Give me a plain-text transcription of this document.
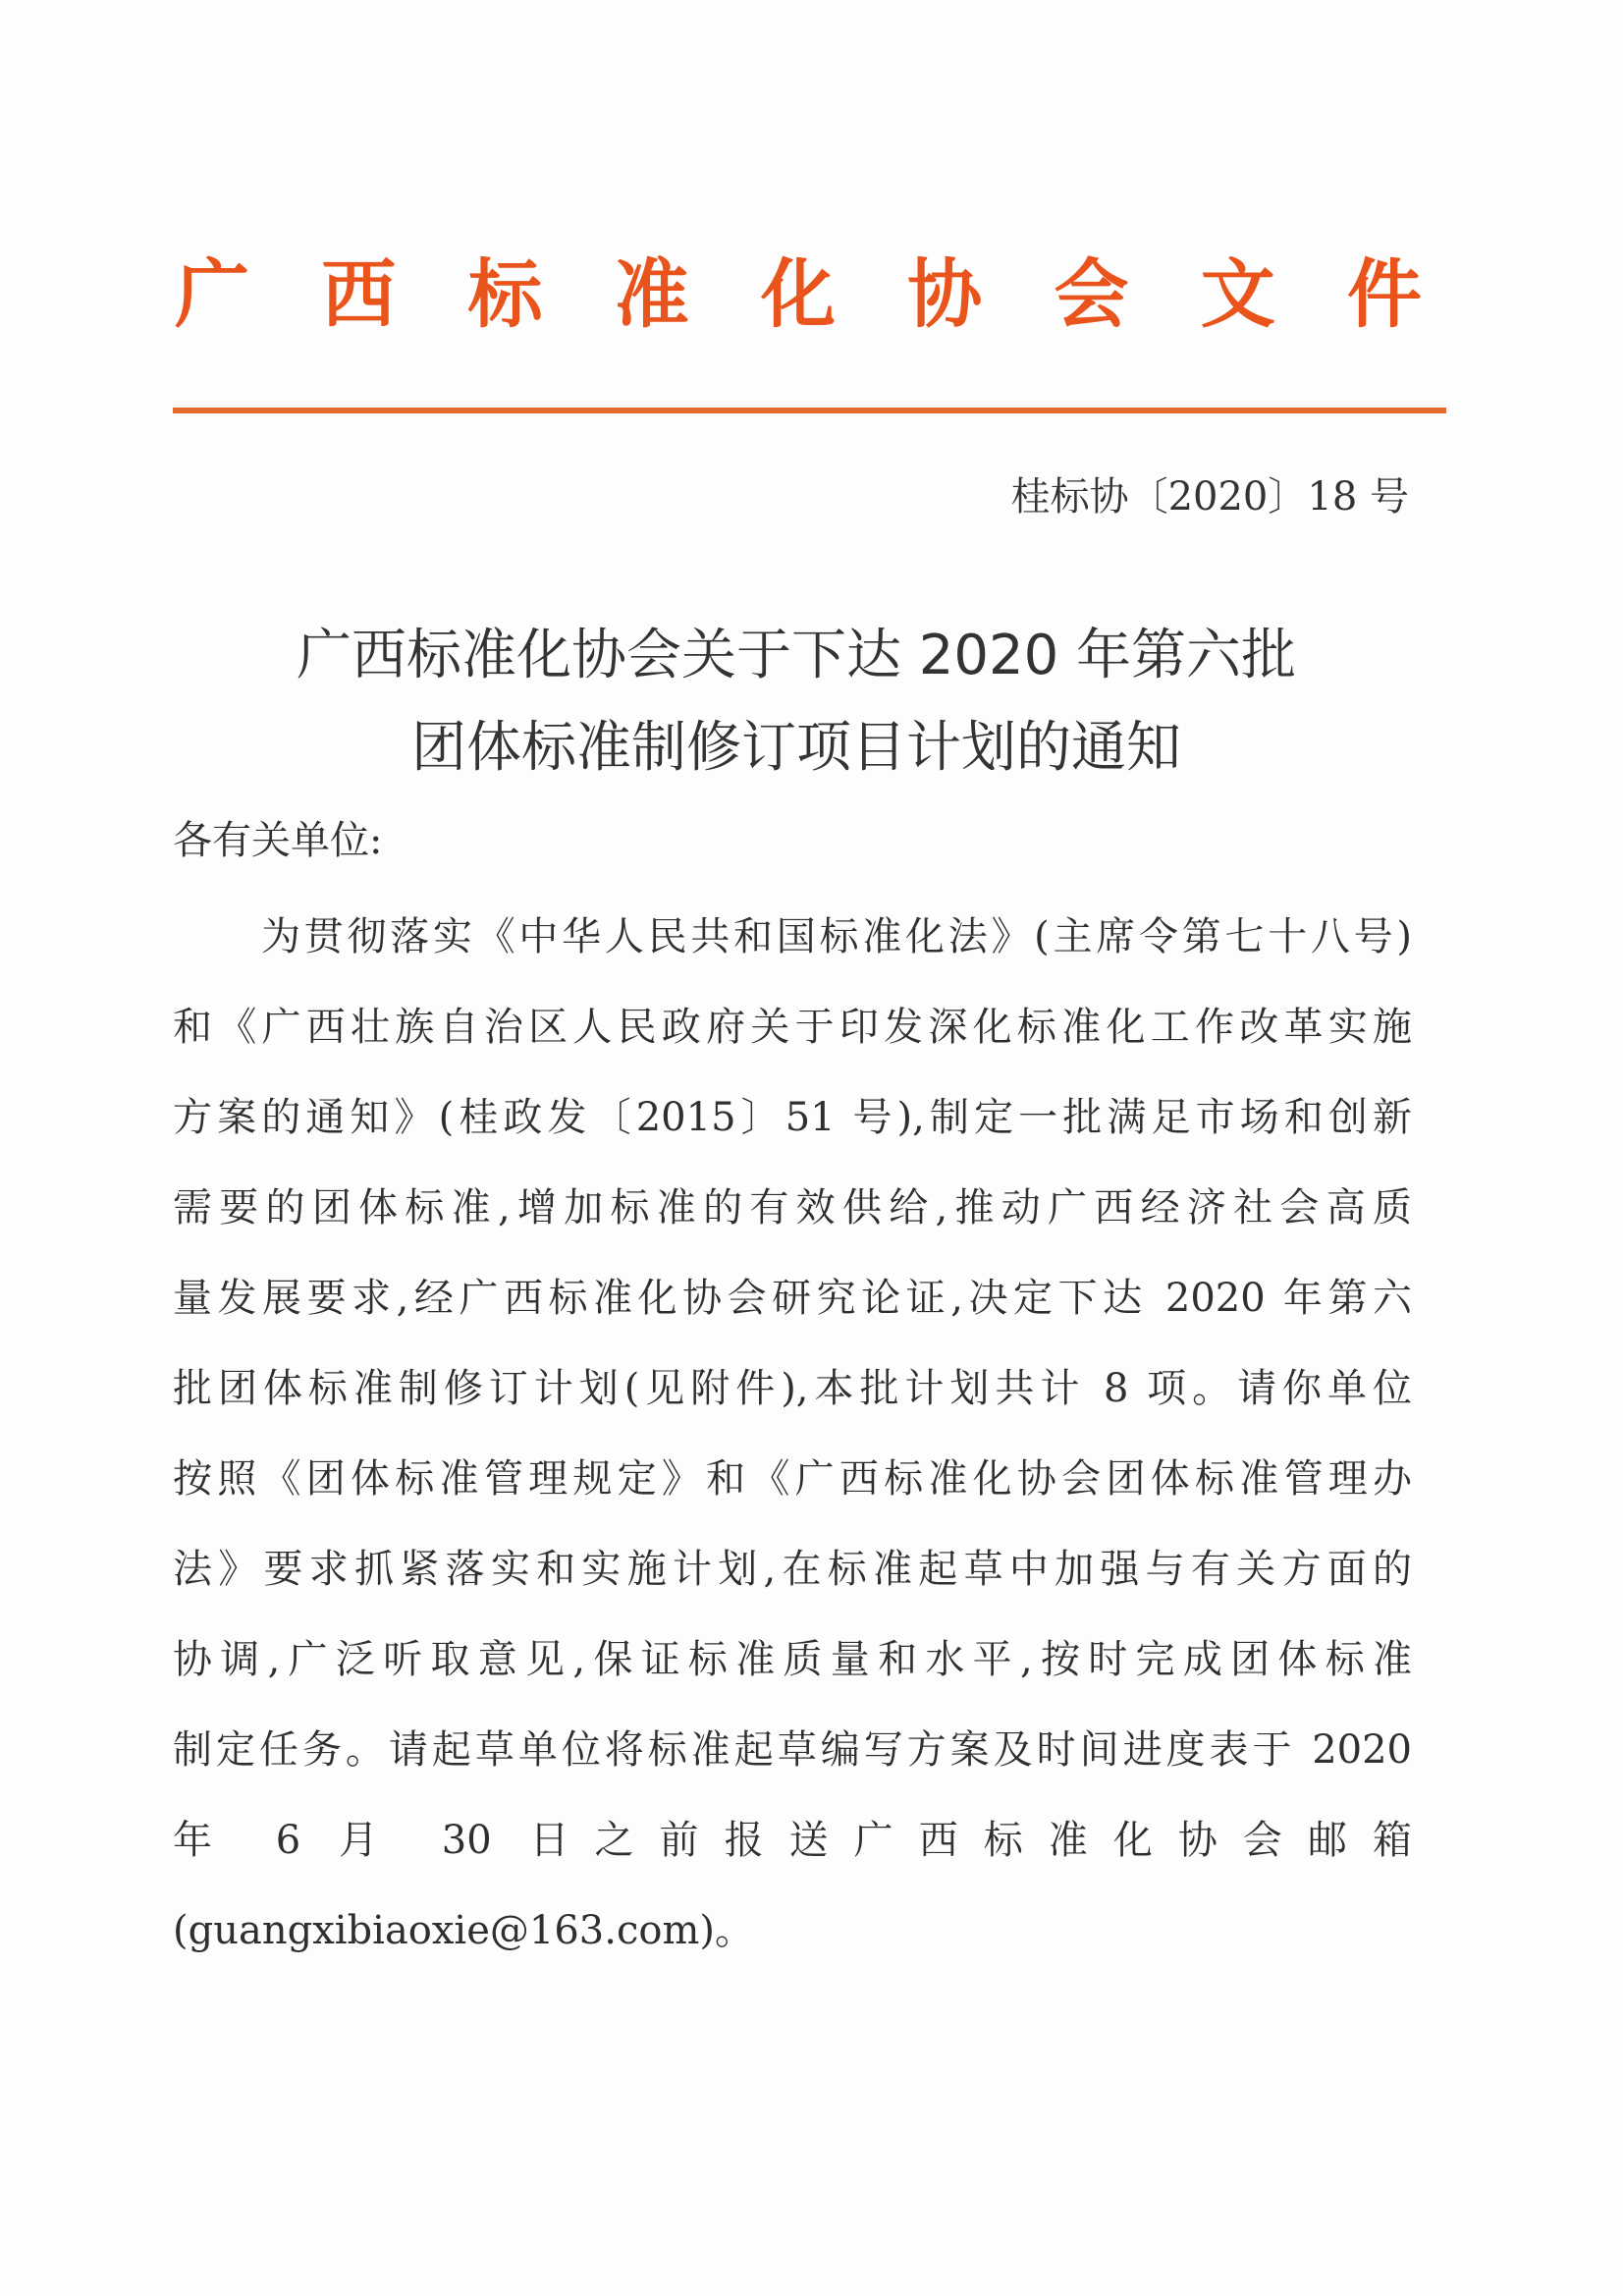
广 西 标 准 化 协 会 文 件
桂标协〔2020〕18 号
广西标准化协会关于下达 2020 年第六批
团体标准制修订项目计划的通知
各有关单位:
为贯彻落实《中华人民共和国标准化法》(主席令第七十八号)
和《广西壮族自治区人民政府关于印发深化标准化工作改革实施
方案的通知》(桂政发〔2015〕51 号),制定一批满足市场和创新
需要的团体标准,增加标准的有效供给,推动广西经济社会高质
量发展要求,经广西标准化协会研究论证,决定下达 2020 年第六
批团体标准制修订计划(见附件),本批计划共计 8 项。请你单位
按照《团体标准管理规定》和《广西标准化协会团体标准管理办
法》要求抓紧落实和实施计划,在标准起草中加强与有关方面的
协调,广泛听取意见,保证标准质量和水平,按时完成团体标准
制定任务。请起草单位将标准起草编写方案及时间进度表于 2020
年 6 月 30 日之前报送广西标准化协会邮箱
(guangxibiaoxie@163.com)。
